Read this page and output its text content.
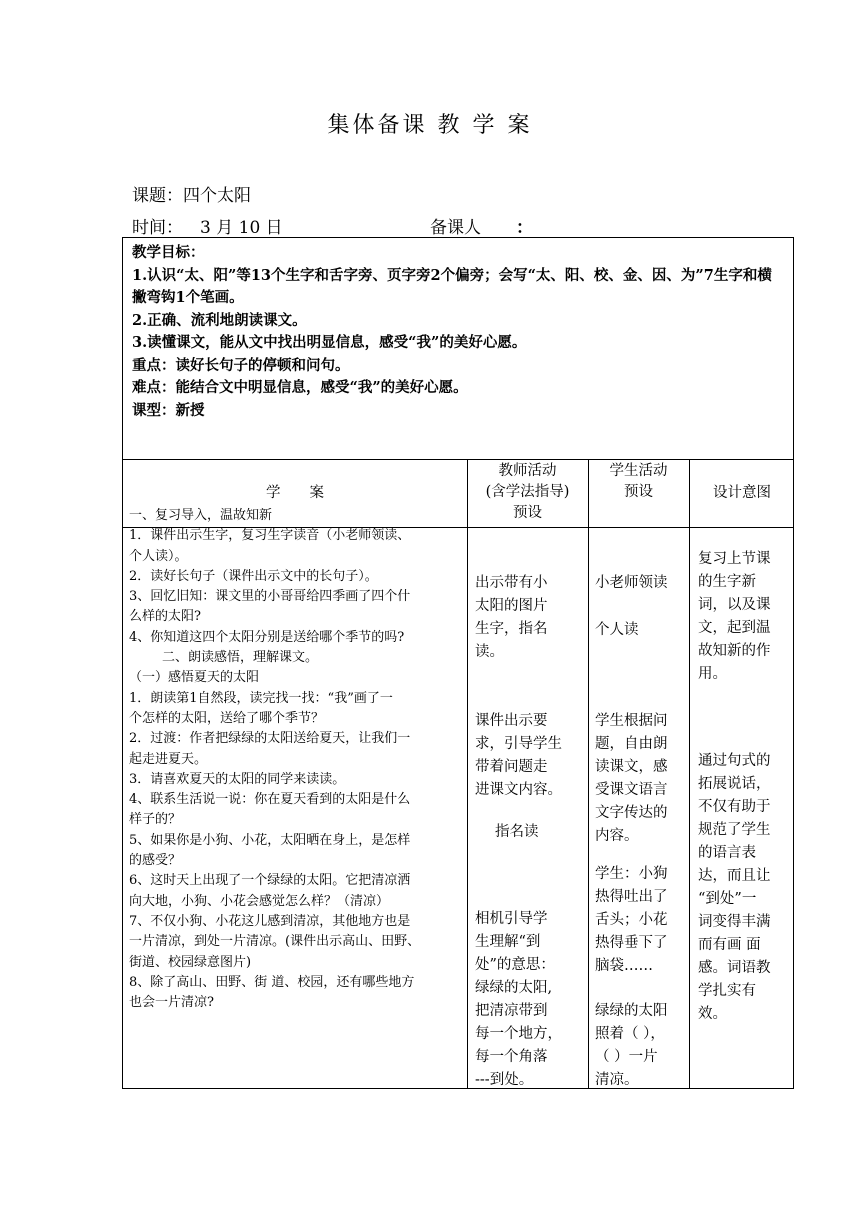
集体备课 教 学 案
课题：四个太阳
时间： 3 月 10 日	备课人 ：
教学目标：
1.认识“太、阳”等13个生字和舌字旁、页字旁2个偏旁；会写“太、阳、校、金、因、为”7生字和横撇弯钩1个笔画。
2.正确、流利地朗读课文。
3.读懂课文，能从文中找出明显信息，感受“我”的美好心愿。
重点：读好长句子的停顿和问句。
难点：能结合文中明显信息，感受“我”的美好心愿。
课型：新授
学　　案
教师活动
(含学法指导)
预设
学生活动
预设	设计意图
一、复习导入，温故知新
1．课件出示生字，复习生字读音（小老师领读、
个人读）。
2．读好长句子（课件出示文中的长句子）。
3、回忆旧知：课文里的小哥哥给四季画了四个什
么样的太阳?
4、你知道这四个太阳分别是送给哪个季节的吗?
二、朗读感悟，理解课文。
（一）感悟夏天的太阳
1．朗读第1自然段，读完找一找：“我”画了一
个怎样的太阳，送给了哪个季节？
2．过渡：作者把绿绿的太阳送给夏天，让我们一
起走进夏天。
3．请喜欢夏天的太阳的同学来读读。
4、联系生活说一说：你在夏天看到的太阳是什么
样子的？
5、如果你是小狗、小花，太阳晒在身上，是怎样
的感受？
6、这时天上出现了一个绿绿的太阳。它把清凉洒
向大地，小狗、小花会感觉怎么样？（清凉）
7、不仅小狗、小花这儿感到清凉，其他地方也是
一片清凉，到处一片清凉。(课件出示高山、田野、
街道、校园绿意图片)
8、除了高山、田野、街 道、校园，还有哪些地方
也会一片清凉?
出示带有小
太阳的图片
生字，指名
读。
课件出示要
求，引导学生
带着问题走
进课文内容。
指名读
相机引导学
生理解“到
处”的意思：
绿绿的太阳,
把清凉带到
每一个地方，
每一个角落
---到处。
小老师领读
个人读
学生根据问
题，自由朗
读课文，感
受课文语言
文字传达的
内容。
学生：小狗
热得吐出了
舌头；小花
热得垂下了
脑袋……
绿绿的太阳
照着（ ），
（ ）一片
清凉。
复习上节课
的生字新
词，以及课
文，起到温
故知新的作
用。
通过句式的
拓展说话，
不仅有助于
规范了学生
的语言表
达，而且让
“到处”一
词变得丰满
而有画 面
感。词语教
学扎实有
效。
